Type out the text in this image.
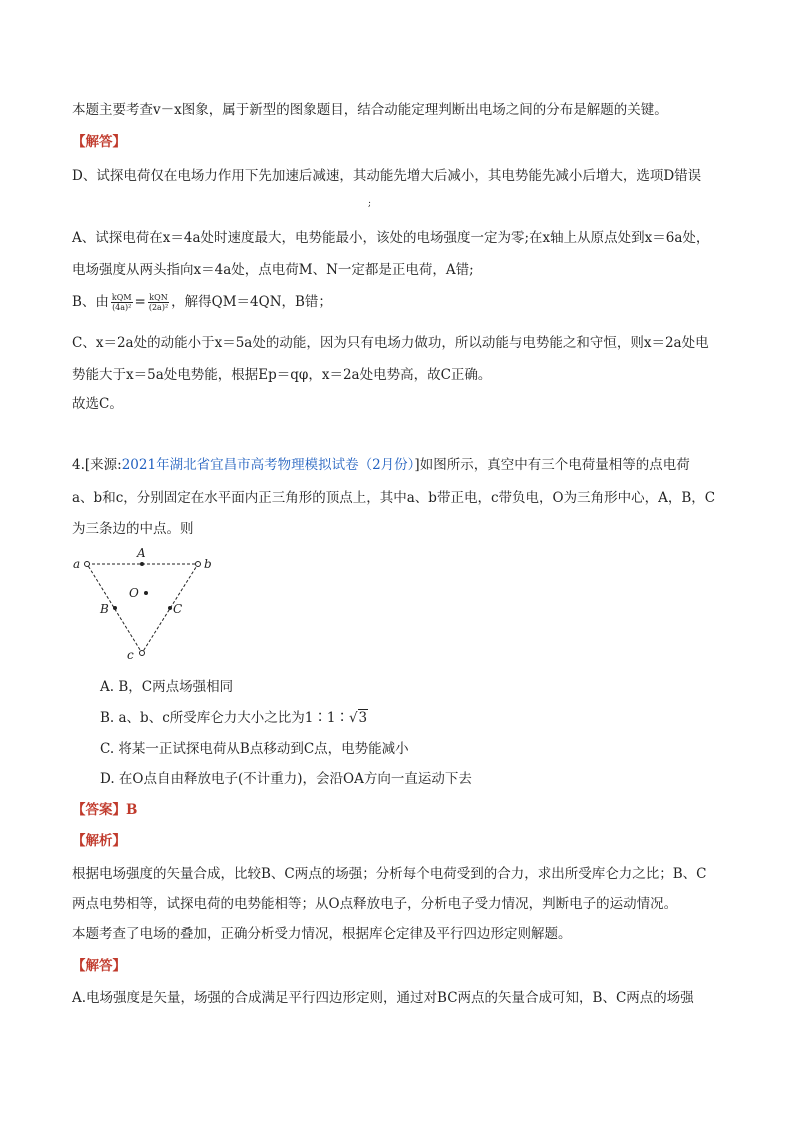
本题主要考查v－x图象，属于新型的图象题目，结合动能定理判断出电场之间的分布是解题的关键。
【解答】
D、试探电荷仅在电场力作用下先加速后减速，其动能先增大后减小，其电势能先减小后增大，选项D错误
;
A、试探电荷在x＝4a处时速度最大，电势能最小，该处的电场强度一定为零;在x轴上从原点处到x＝6a处，
电场强度从两头指向x＝4a处，点电荷M、N一定都是正电荷，A错;
B、由 $\frac{\text{kQM}}{\text{(4a)²}} = \frac{\text{kQN}}{\text{(2a)²}}$ ，解得QM＝4QN，B错；
C、x＝2a处的动能小于x＝5a处的动能，因为只有电场力做功，所以动能与电势能之和守恒，则x＝2a处电
势能大于x＝5a处电势能，根据Ep＝qφ，x＝2a处电势高，故C正确。
故选C。
4.[来源:2021年湖北省宜昌市高考物理模拟试卷（2月份）]如图所示，真空中有三个电荷量相等的点电荷
a、b和c，分别固定在水平面内正三角形的顶点上，其中a、b带正电，c带负电，O为三角形中心，A，B，C
为三条边的中点。则
a	b
c
A
B	C
O
A. B，C两点场强相同
B. a、b、c所受库仑力大小之比为1∶1∶√3
C. 将某一正试探电荷从B点移动到C点，电势能减小
D. 在O点自由释放电子(不计重力)，会沿OA方向一直运动下去
【答案】B
【解析】
根据电场强度的矢量合成，比较B、C两点的场强；分析每个电荷受到的合力，求出所受库仑力之比；B、C
两点电势相等，试探电荷的电势能相等；从O点释放电子，分析电子受力情况，判断电子的运动情况。
本题考查了电场的叠加，正确分析受力情况，根据库仑定律及平行四边形定则解题。
【解答】
A.电场强度是矢量，场强的合成满足平行四边形定则，通过对BC两点的矢量合成可知，B、C两点的场强
